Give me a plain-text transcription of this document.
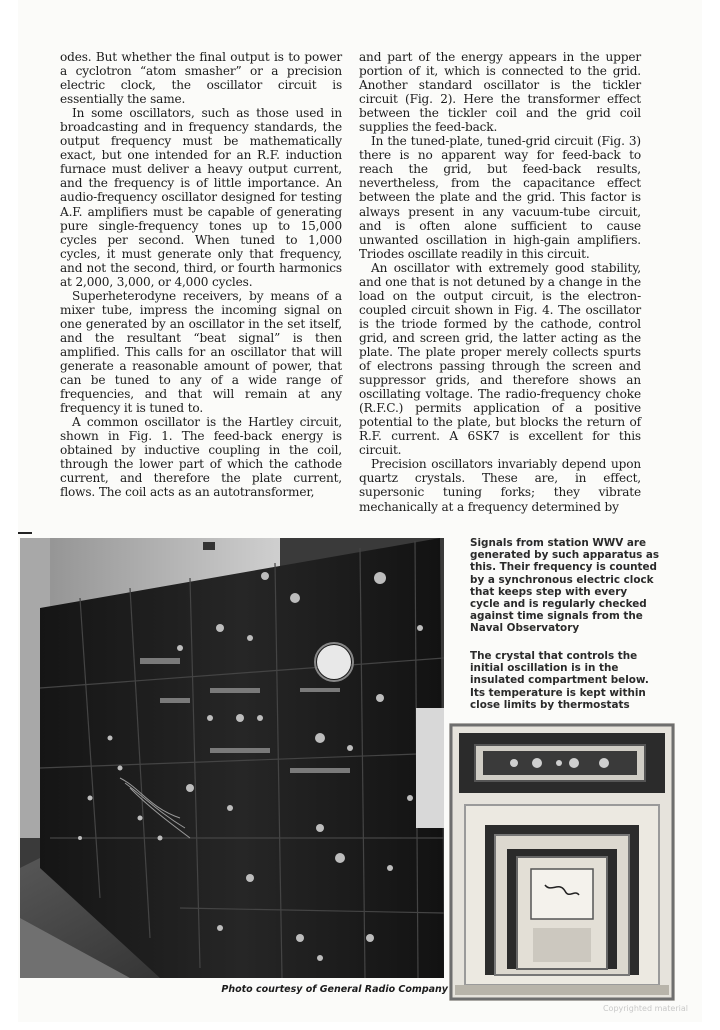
odes. But whether the final output is to power a cyclotron “atom smasher” or a precision electric clock, the oscillator circuit is essentially the same.

In some oscillators, such as those used in broadcasting and in frequency standards, the output frequency must be mathematically exact, but one intended for an R.F. induction furnace must deliver a heavy output current, and the frequency is of little importance. An audio-frequency oscillator designed for testing A.F. amplifiers must be capable of generating pure single-frequency tones up to 15,000 cycles per second. When tuned to 1,000 cycles, it must generate only that frequency, and not the second, third, or fourth harmonics at 2,000, 3,000, or 4,000 cycles.

Superheterodyne receivers, by means of a mixer tube, impress the incoming signal on one generated by an oscillator in the set itself, and the resultant “beat signal” is then amplified. This calls for an oscillator that will generate a reasonable amount of power, that can be tuned to any of a wide range of frequencies, and that will remain at any frequency it is tuned to.

A common oscillator is the Hartley circuit, shown in Fig. 1. The feed-back energy is obtained by inductive coupling in the coil, through the lower part of which the cathode current, and therefore the plate current, flows. The coil acts as an autotransformer,

and part of the energy appears in the upper portion of it, which is connected to the grid. Another standard oscillator is the tickler circuit (Fig. 2). Here the transformer effect between the tickler coil and the grid coil supplies the feed-back.

In the tuned-plate, tuned-grid circuit (Fig. 3) there is no apparent way for feed-back to reach the grid, but feed-back results, nevertheless, from the capacitance effect between the plate and the grid. This factor is always present in any vacuum-tube circuit, and is often alone sufficient to cause unwanted oscillation in high-gain amplifiers. Triodes oscillate readily in this circuit.

An oscillator with extremely good stability, and one that is not detuned by a change in the load on the output circuit, is the electron-coupled circuit shown in Fig. 4. The oscillator is the triode formed by the cathode, control grid, and screen grid, the latter acting as the plate. The plate proper merely collects spurts of electrons passing through the screen and suppressor grids, and therefore shows an oscillating voltage. The radio-frequency choke (R.F.C.) permits application of a positive potential to the plate, but blocks the return of R.F. current. A 6SK7 is excellent for this circuit.

Precision oscillators invariably depend upon quartz crystals. These are, in effect, supersonic tuning forks; they vibrate mechanically at a frequency determined by

Photo courtesy of General Radio Company
Signals from station WWV are generated by such apparatus as this. Their frequency is counted by a synchronous electric clock that keeps step with every cycle and is regularly checked against time signals from the Naval Observatory
The crystal that controls the initial oscillation is in the insulated compartment below. Its temperature is kept within close limits by thermostats
Copyrighted material
